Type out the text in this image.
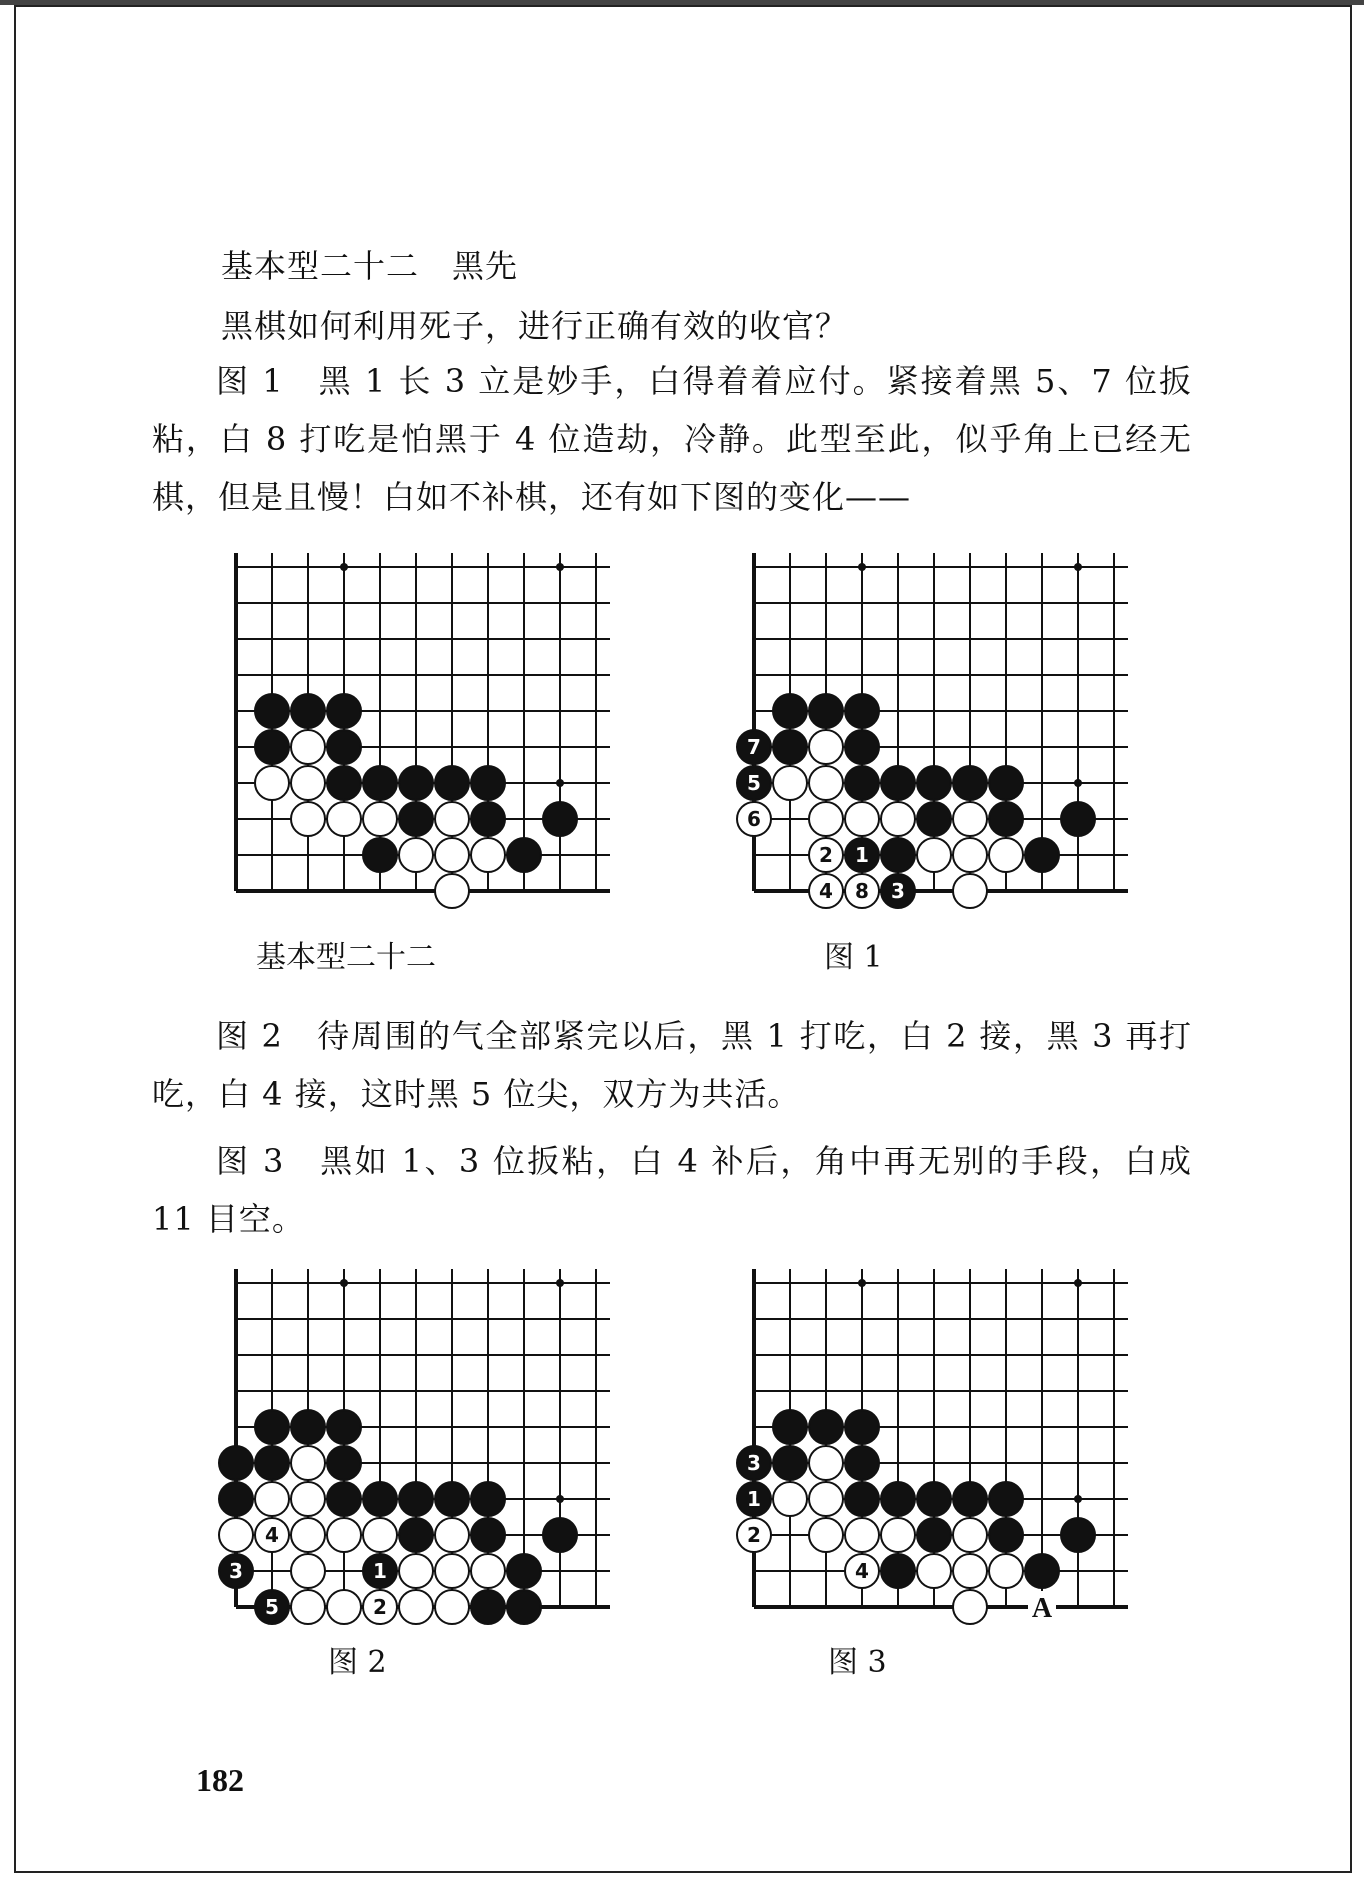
基本型二十二　黑先
黑棋如何利用死子，进行正确有效的收官？
图 1　黑 1 长 3 立是妙手，白得着着应付。紧接着黑 5、7 位扳粘，白 8 打吃是怕黑于 4 位造劫，冷静。此型至此，似乎角上已经无棋，但是且慢！白如不补棋，还有如下图的变化——
7
5
6
2 1
4 8 3
基本型二十二	图 1
图 2　待周围的气全部紧完以后，黑 1 打吃，白 2 接，黑 3 再打吃，白 4 接，这时黑 5 位尖，双方为共活。
图 3　黑如 1、3 位扳粘，白 4 补后，角中再无别的手段，白成 11 目空。
4
3	1
5	2
3
1
2
4
A
图 2	图 3
182
